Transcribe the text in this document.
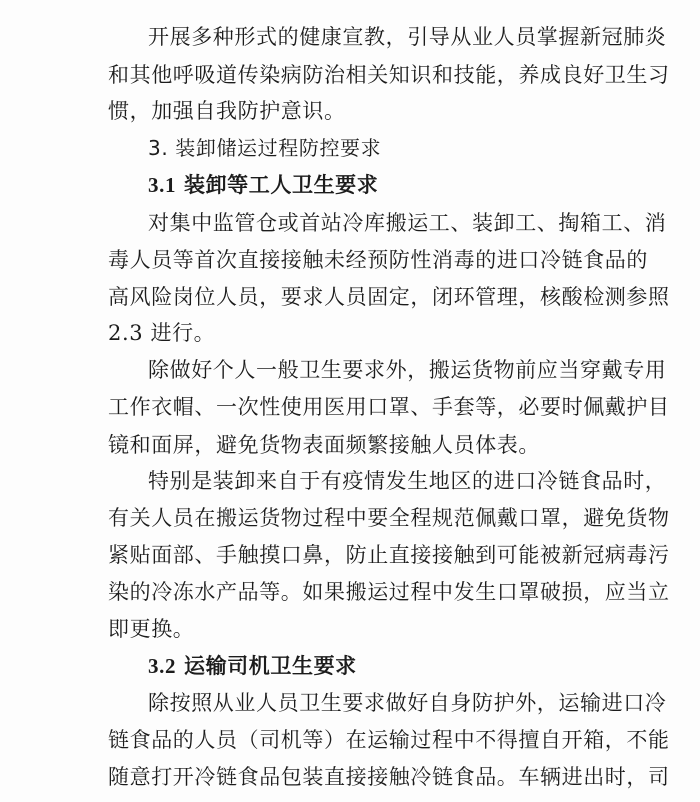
开展多种形式的健康宣教，引导从业人员掌握新冠肺炎
和其他呼吸道传染病防治相关知识和技能，养成良好卫生习
惯，加强自我防护意识。
3. 装卸储运过程防控要求
3.1 装卸等工人卫生要求
对集中监管仓或首站冷库搬运工、装卸工、掏箱工、消
毒人员等首次直接接触未经预防性消毒的进口冷链食品的
高风险岗位人员，要求人员固定，闭环管理，核酸检测参照
2.3 进行。
除做好个人一般卫生要求外，搬运货物前应当穿戴专用
工作衣帽、一次性使用医用口罩、手套等，必要时佩戴护目
镜和面屏，避免货物表面频繁接触人员体表。
特别是装卸来自于有疫情发生地区的进口冷链食品时，
有关人员在搬运货物过程中要全程规范佩戴口罩，避免货物
紧贴面部、手触摸口鼻，防止直接接触到可能被新冠病毒污
染的冷冻水产品等。如果搬运过程中发生口罩破损，应当立
即更换。
3.2 运输司机卫生要求
除按照从业人员卫生要求做好自身防护外，运输进口冷
链食品的人员（司机等）在运输过程中不得擅自开箱，不能
随意打开冷链食品包装直接接触冷链食品。车辆进出时，司
